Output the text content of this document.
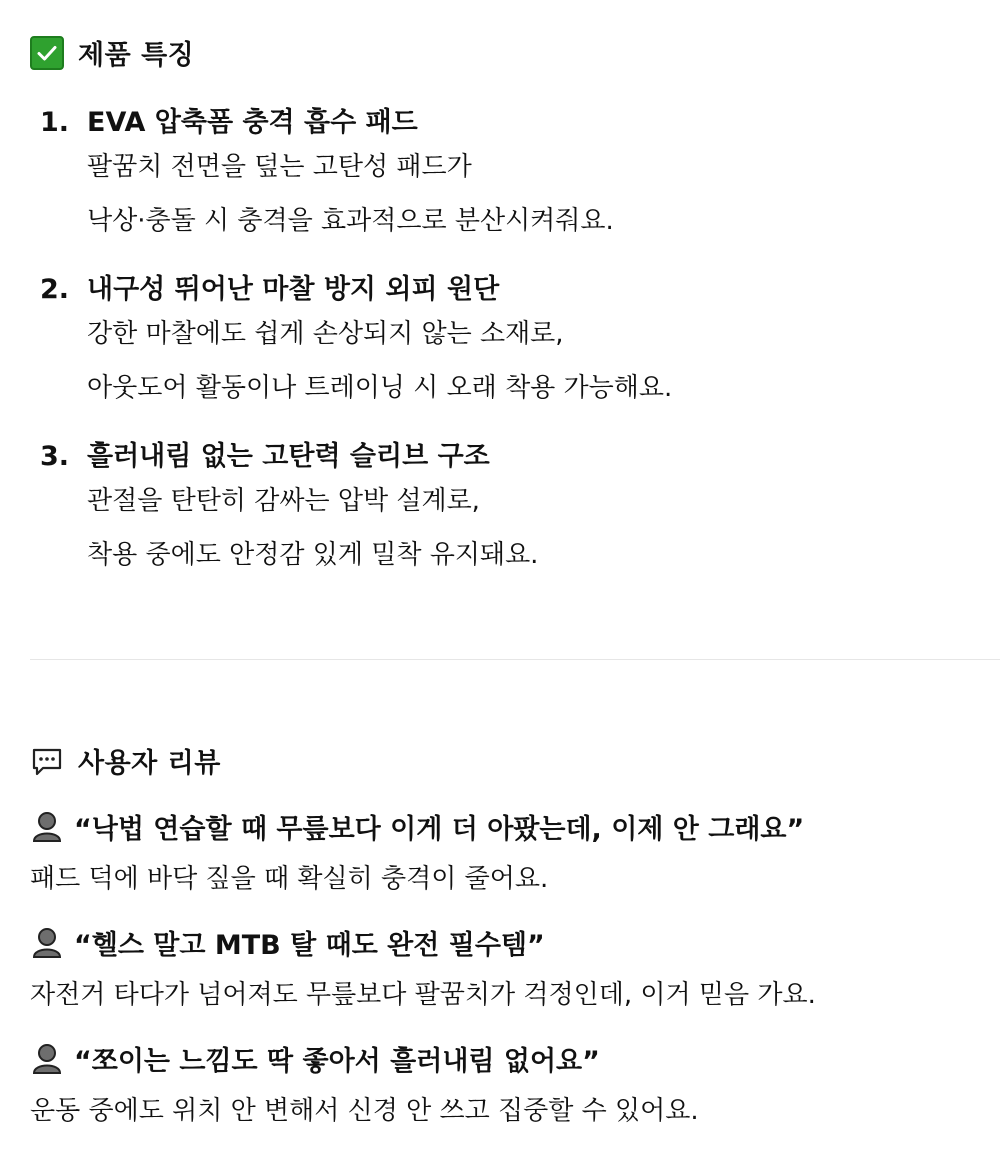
제품 특징
1. EVA 압축폼 충격 흡수 패드
팔꿈치 전면을 덮는 고탄성 패드가
낙상·충돌 시 충격을 효과적으로 분산시켜줘요.
2. 내구성 뛰어난 마찰 방지 외피 원단
강한 마찰에도 쉽게 손상되지 않는 소재로,
아웃도어 활동이나 트레이닝 시 오래 착용 가능해요.
3. 흘러내림 없는 고탄력 슬리브 구조
관절을 탄탄히 감싸는 압박 설계로,
착용 중에도 안정감 있게 밀착 유지돼요.
사용자 리뷰
“낙법 연습할 때 무릎보다 이게 더 아팠는데, 이제 안 그래요”
패드 덕에 바닥 짚을 때 확실히 충격이 줄어요.
“헬스 말고 MTB 탈 때도 완전 필수템”
자전거 타다가 넘어져도 무릎보다 팔꿈치가 걱정인데, 이거 믿음 가요.
“쪼이는 느낌도 딱 좋아서 흘러내림 없어요”
운동 중에도 위치 안 변해서 신경 안 쓰고 집중할 수 있어요.
